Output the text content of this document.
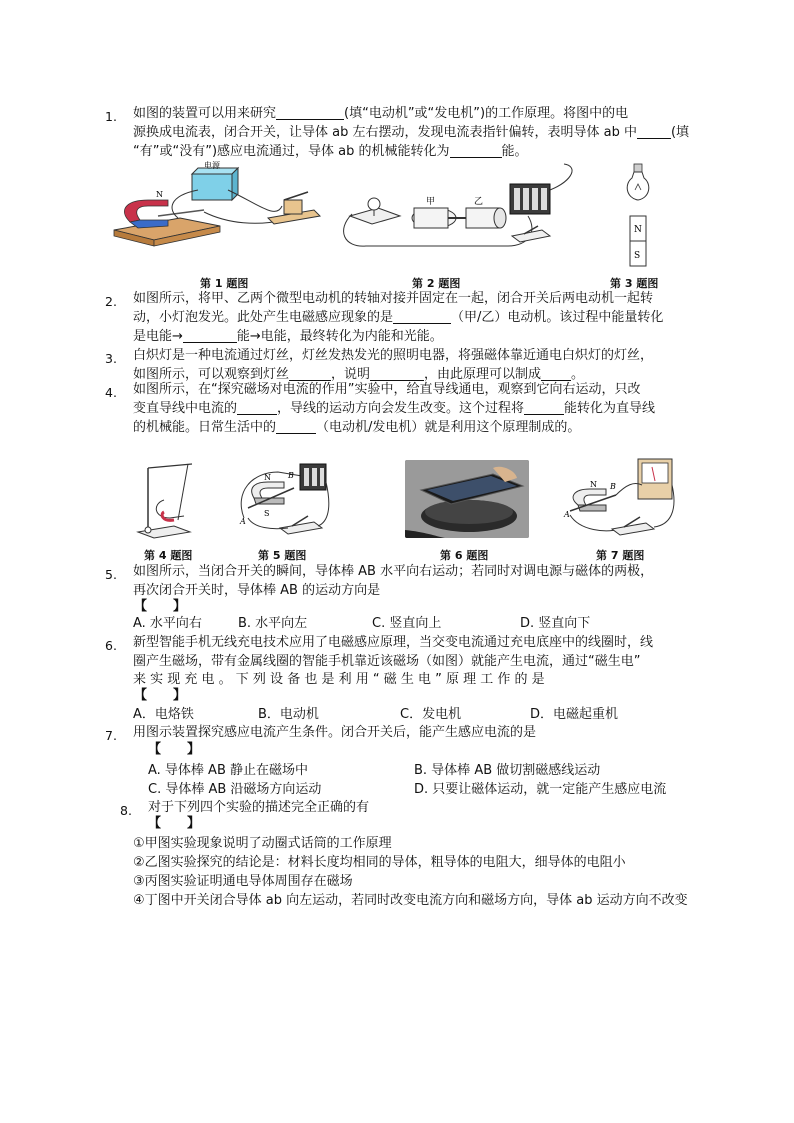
1. 如图的装置可以用来研究	(填“电动机”或“发电机”)的工作原理。将图中的电
源换成电流表，闭合开关，让导体 ab 左右摆动，发现电流表指针偏转，表明导体 ab 中	(填
“有”或“没有”)感应电流通过，导体 ab 的机械能转化为	能。
N
电源
甲	乙
N
S
第 1 题图	第 2 题图	第 3 题图
2. 如图所示，将甲、乙两个微型电动机的转轴对接并固定在一起，闭合开关后两电动机一起转
动，小灯泡发光。此处产生电磁感应现象的是	（甲/乙）电动机。该过程中能量转化
是电能→	能→电能，最终转化为内能和光能。
3. 白炽灯是一种电流通过灯丝，灯丝发热发光的照明电器，将强磁体靠近通电白炽灯的灯丝，
如图所示，可以观察到灯丝	，说明	，由此原理可以制成 。
4. 如图所示，在“探究磁场对电流的作用”实验中，给直导线通电，观察到它向右运动，只改
变直导线中电流的	，导线的运动方向会发生改变。这个过程将	能转化为直导线
的机械能。日常生活中的	（电动机/发电机）就是利用这个原理制成的。
N
S
B
A
N B
A
第 4 题图	第 5 题图	第 6 题图	第 7 题图
5. 如图所示，当闭合开关的瞬间，导体棒 AB 水平向右运动；若同时对调电源与磁体的两极，
再次闭合开关时，导体棒 AB 的运动方向是
【　　】
A. 水平向右	B. 水平向左	C. 竖直向上	D. 竖直向下
6. 新型智能手机无线充电技术应用了电磁感应原理，当交变电流通过充电底座中的线圈时，线
圈产生磁场，带有金属线圈的智能手机靠近该磁场（如图）就能产生电流，通过“磁生电”
来 实 现 充 电 。 下 列 设 备 也 是 利 用 “ 磁 生 电 ” 原 理 工 作 的 是
【　　】
A．电烙铁	B．电动机	C．发电机	D．电磁起重机
7. 用图示装置探究感应电流产生条件。闭合开关后，能产生感应电流的是
【　　】
A. 导体棒 AB 静止在磁场中	B. 导体棒 AB 做切割磁感线运动
C. 导体棒 AB 沿磁场方向运动	D. 只要让磁体运动，就一定能产生感应电流
8. 对于下列四个实验的描述完全正确的有
【　　】
①甲图实验现象说明了动圈式话筒的工作原理
②乙图实验探究的结论是：材料长度均相同的导体，粗导体的电阻大，细导体的电阻小
③丙图实验证明通电导体周围存在磁场
④丁图中开关闭合导体 ab 向左运动，若同时改变电流方向和磁场方向，导体 ab 运动方向不改变
